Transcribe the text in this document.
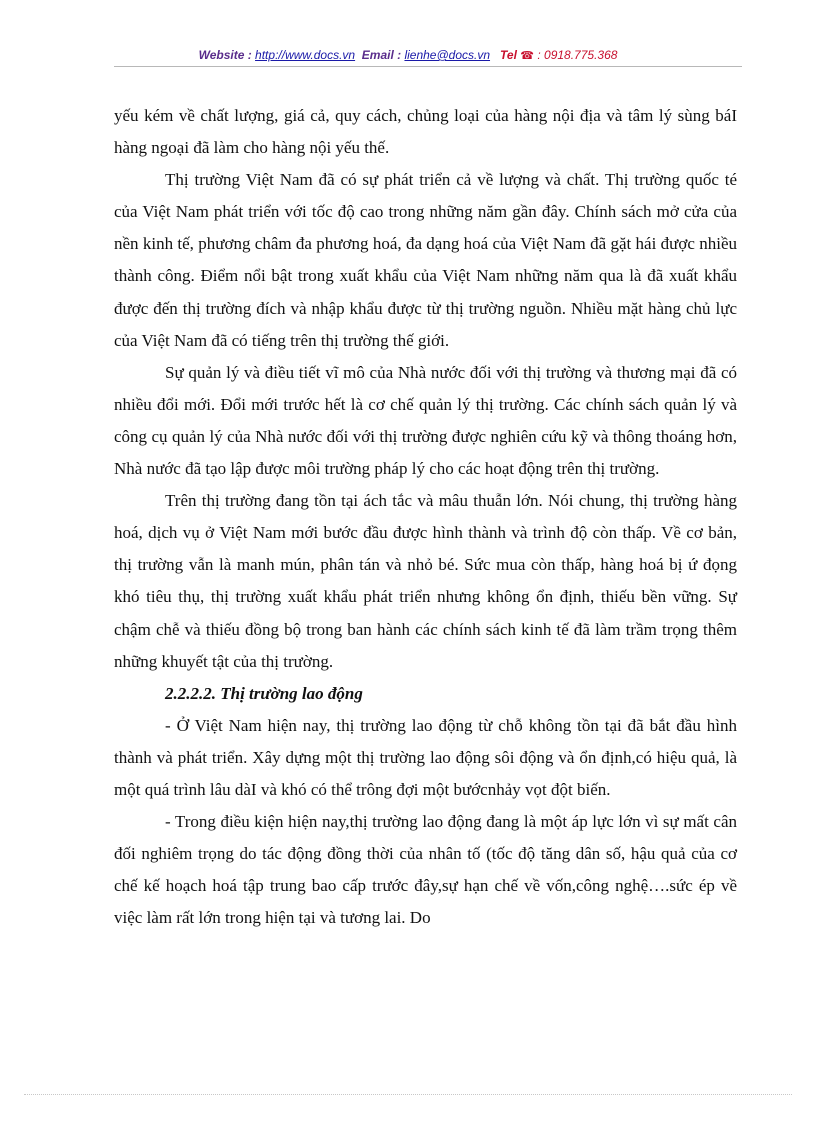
Website : http://www.docs.vn Email : lienhe@docs.vn Tel ☎ : 0918.775.368

yếu kém về chất lượng, giá cả, quy cách, chủng loại của hàng nội địa và tâm lý sùng báI hàng ngoại đã làm cho hàng nội yếu thế.

Thị trường Việt Nam đã có sự phát triển cả về lượng và chất. Thị trường quốc té của Việt Nam phát triển với tốc độ cao trong những năm gần đây. Chính sách mở cửa của nền kinh tế, phương châm đa phương hoá, đa dạng hoá của Việt Nam đã gặt hái được nhiều thành công. Điểm nổi bật trong xuất khẩu của Việt Nam những năm qua là đã xuất khẩu được đến thị trường đích và nhập khẩu được từ thị trường nguồn. Nhiều mặt hàng chủ lực của Việt Nam đã có tiếng trên thị trường thế giới.

Sự quản lý và điều tiết vĩ mô của Nhà nước đối với thị trường và thương mại đã có nhiều đổi mới. Đổi mới trước hết là cơ chế quản lý thị trường. Các chính sách quản lý và công cụ quản lý của Nhà nước đối với thị trường được nghiên cứu kỹ và thông thoáng hơn, Nhà nước đã tạo lập được môi trường pháp lý cho các hoạt động trên thị trường.

Trên thị trường đang tồn tại ách tắc và mâu thuẫn lớn. Nói chung, thị trường hàng hoá, dịch vụ ở Việt Nam mới bước đầu được hình thành và trình độ còn thấp. Về cơ bản, thị trường vẫn là manh mún, phân tán và nhỏ bé. Sức mua còn thấp, hàng hoá bị ứ đọng khó tiêu thụ, thị trường xuất khẩu phát triển nhưng không ổn định, thiếu bền vững. Sự chậm chễ và thiếu đồng bộ trong ban hành các chính sách kinh tế đã làm trầm trọng thêm những khuyết tật của thị trường.

2.2.2.2. Thị trường lao động

- Ở Việt Nam hiện nay, thị trường lao động từ chỗ không tồn tại đã bắt đầu hình thành và phát triển. Xây dựng một thị trường lao động sôi động và ổn định,có hiệu quả, là một quá trình lâu dàI và khó có thể trông đợi một bướcnhảy vọt đột biến.

- Trong điều kiện hiện nay,thị trường lao động đang là một áp lực lớn vì sự mất cân đối nghiêm trọng do tác động đồng thời của nhân tố (tốc độ tăng dân số, hậu quả của cơ chế kế hoạch hoá tập trung bao cấp trước đây,sự hạn chế về vốn,công nghệ….sức ép về việc làm rất lớn trong hiện tại và tương lai. Do
